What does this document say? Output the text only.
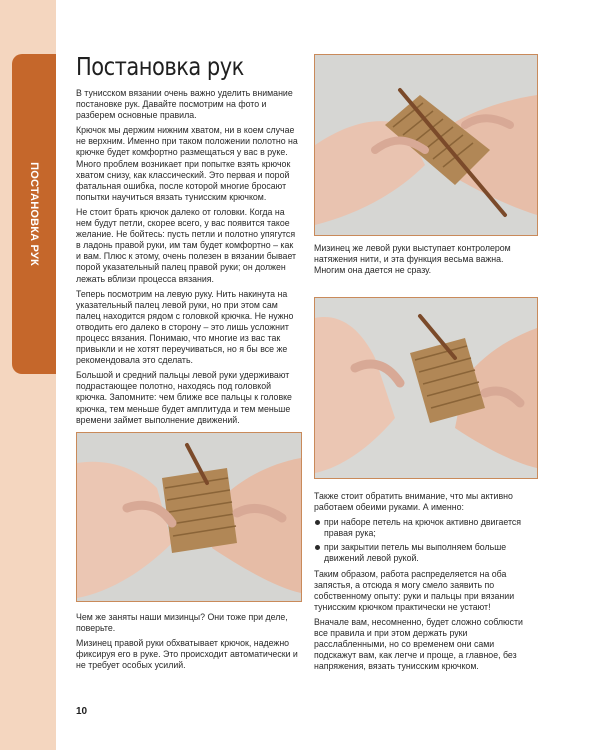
ПОСТАНОВКА РУК
Постановка рук

В тунисском вязании очень важно уделить внимание постановке рук. Давайте посмотрим на фото и разберем основные правила.

Крючок мы держим нижним хватом, ни в коем случае не верхним. Именно при таком положении полотно на крючке будет комфортно размещаться у вас в руке. Много проблем возникает при попытке взять крючок хватом снизу, как классический. Это первая и порой фатальная ошибка, после которой многие бросают попытки научиться вязать тунисским крючком.

Не стоит брать крючок далеко от головки. Когда на нем будут петли, скорее всего, у вас появится такое желание. Не бойтесь: пусть петли и полотно упягутся в ладонь правой руки, им там будет комфортно – как и вам. Плюс к этому, очень полезен в вязании бывает порой указательный палец правой руки; он должен лежать вблизи процесса вязания.

Теперь посмотрим на левую руку. Нить накинута на указательный палец левой руки, но при этом сам палец находится рядом с головкой крючка. Не нужно отводить его далеко в сторону – это лишь усложнит процесс вязания. Понимаю, что многие из вас так привыкли и не хотят переучиваться, но я бы все же рекомендовала это сделать.

Большой и средний пальцы левой руки удерживают подрастающее полотно, находясь под головкой крючка. Запомните: чем ближе все пальцы к головке крючка, тем меньше будет амплитуда и тем меньше времени займет выполнение движений.

Мизинец же левой руки выступает контролером натяжения нити, и эта функция весьма важна. Многим она дается не сразу.

Чем же заняты наши мизинцы? Они тоже при деле, поверьте.

Мизинец правой руки обхватывает крючок, надежно фиксируя его в руке. Это происходит автоматически и не требует особых усилий.

Также стоит обратить внимание, что мы активно работаем обеими руками. А именно:

при наборе петель на крючок активно двигается правая рука;
при закрытии петель мы выполняем больше движений левой рукой.

Таким образом, работа распределяется на оба запястья, а отсюда я могу смело заявить по собственному опыту: руки и пальцы при вязании тунисским крючком практически не устают!

Вначале вам, несомненно, будет сложно соблюсти все правила и при этом держать руки расслабленными, но со временем они сами подскажут вам, как легче и проще, а главное, без напряжения, вязать тунисским крючком.

10
